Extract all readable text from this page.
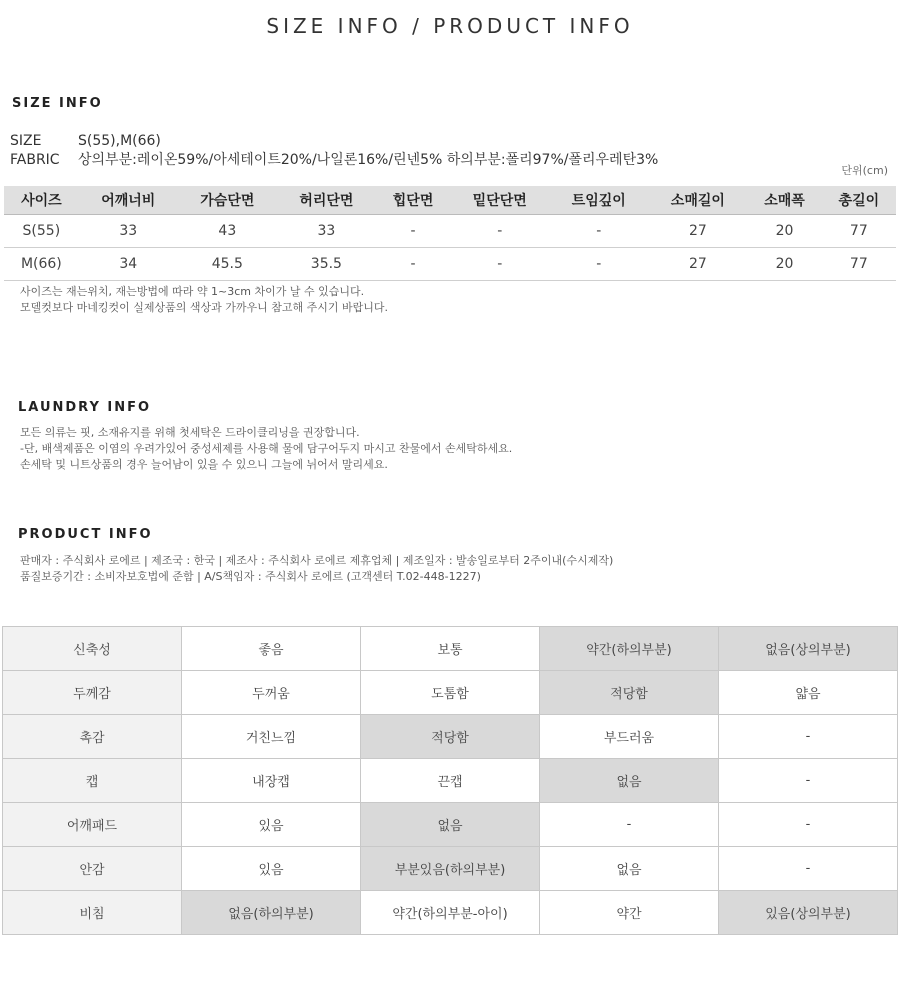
SIZE INFO / PRODUCT INFO
SIZE INFO
SIZE	S(55),M(66)
FABRIC 상의부분:레이온59%/아세테이트20%/나일론16%/린넨5% 하의부분:폴리97%/폴리우레탄3%
단위(cm)
사이즈	어깨너비	가슴단면	허리단면	힙단면	밑단단면	트임깊이	소매길이	소매폭	총길이
S(55)	33	43	33	-	-	-	27	20	77
M(66)	34	45.5	35.5	-	-	-	27	20	77
사이즈는 재는위치, 재는방법에 따라 약 1~3cm 차이가 날 수 있습니다.
모델컷보다 마네킹컷이 실제상품의 색상과 가까우니 참고해 주시기 바랍니다.
LAUNDRY INFO
모든 의류는 핏, 소재유지를 위해 첫세탁은 드라이클리닝을 권장합니다.
-단, 배색제품은 이염의 우려가있어 중성세제를 사용해 물에 담구어두지 마시고 찬물에서 손세탁하세요.
손세탁 및 니트상품의 경우 늘어남이 있을 수 있으니 그늘에 뉘어서 말리세요.
PRODUCT INFO
판매자 : 주식회사 로에르 | 제조국 : 한국 | 제조사 : 주식회사 로에르 제휴업체 | 제조일자 : 발송일로부터 2주이내(수시제작)
품질보증기간 : 소비자보호법에 준함 | A/S책임자 : 주식회사 로에르 (고객센터 T.02-448-1227)
신축성	좋음	보통	약간(하의부분)	없음(상의부분)
두께감	두꺼움	도톰함	적당함	얇음
촉감	거친느낌	적당함	부드러움	-
캡	내장캡	끈캡	없음	-
어깨패드	있음	없음	-	-
안감	있음	부분있음(하의부분)	없음	-
비침	없음(하의부분)	약간(하의부분-아이)	약간	있음(상의부분)
